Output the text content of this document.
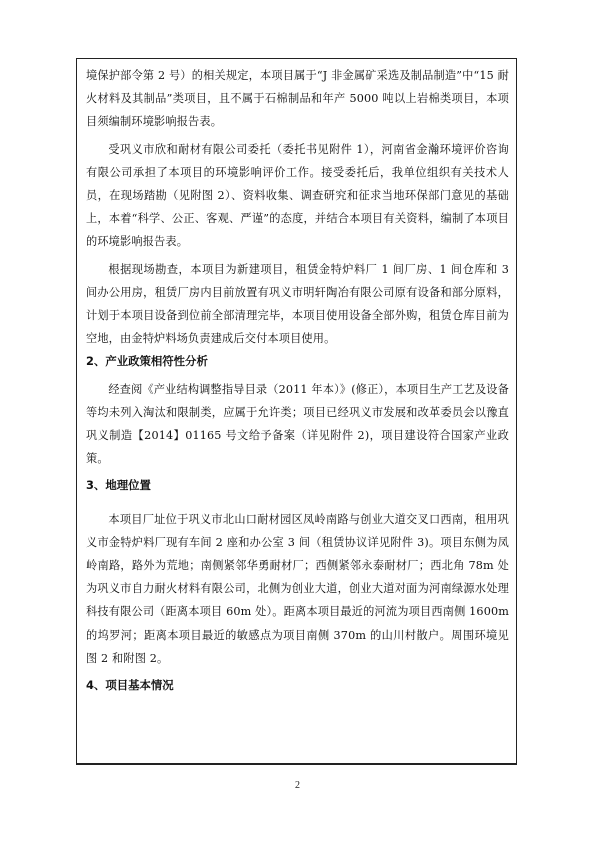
境保护部令第 2 号）的相关规定，本项目属于“J 非金属矿采选及制品制造”中“15 耐火材料及其制品”类项目，且不属于石棉制品和年产 5000 吨以上岩棉类项目，本项目须编制环境影响报告表。

受巩义市欣和耐材有限公司委托（委托书见附件 1），河南省金瀚环境评价咨询有限公司承担了本项目的环境影响评价工作。接受委托后，我单位组织有关技术人员，在现场踏勘（见附图 2）、资料收集、调查研究和征求当地环保部门意见的基础上，本着“科学、公正、客观、严谨”的态度，并结合本项目有关资料，编制了本项目的环境影响报告表。

根据现场勘查，本项目为新建项目，租赁金特炉料厂 1 间厂房、1 间仓库和 3 间办公用房，租赁厂房内目前放置有巩义市明轩陶冶有限公司原有设备和部分原料，计划于本项目设备到位前全部清理完毕，本项目使用设备全部外购，租赁仓库目前为空地，由金特炉料场负责建成后交付本项目使用。

2、产业政策相符性分析

经查阅《产业结构调整指导目录（2011 年本）》(修正），本项目生产工艺及设备等均未列入淘汰和限制类，应属于允许类；项目已经巩义市发展和改革委员会以豫直巩义制造【2014】01165 号文给予备案（详见附件 2)，项目建设符合国家产业政策。

3、地理位置

本项目厂址位于巩义市北山口耐材园区凤岭南路与创业大道交叉口西南，租用巩义市金特炉料厂现有车间 2 座和办公室 3 间（租赁协议详见附件 3)。项目东侧为凤岭南路，路外为荒地；南侧紧邻华勇耐材厂；西侧紧邻永泰耐材厂；西北角 78m 处为巩义市自力耐火材料有限公司，北侧为创业大道，创业大道对面为河南绿源水处理科技有限公司（距离本项目 60m 处）。距离本项目最近的河流为项目西南侧 1600m 的坞罗河；距离本项目最近的敏感点为项目南侧 370m 的山川村散户。周围环境见图 2 和附图 2。

4、项目基本情况
2
